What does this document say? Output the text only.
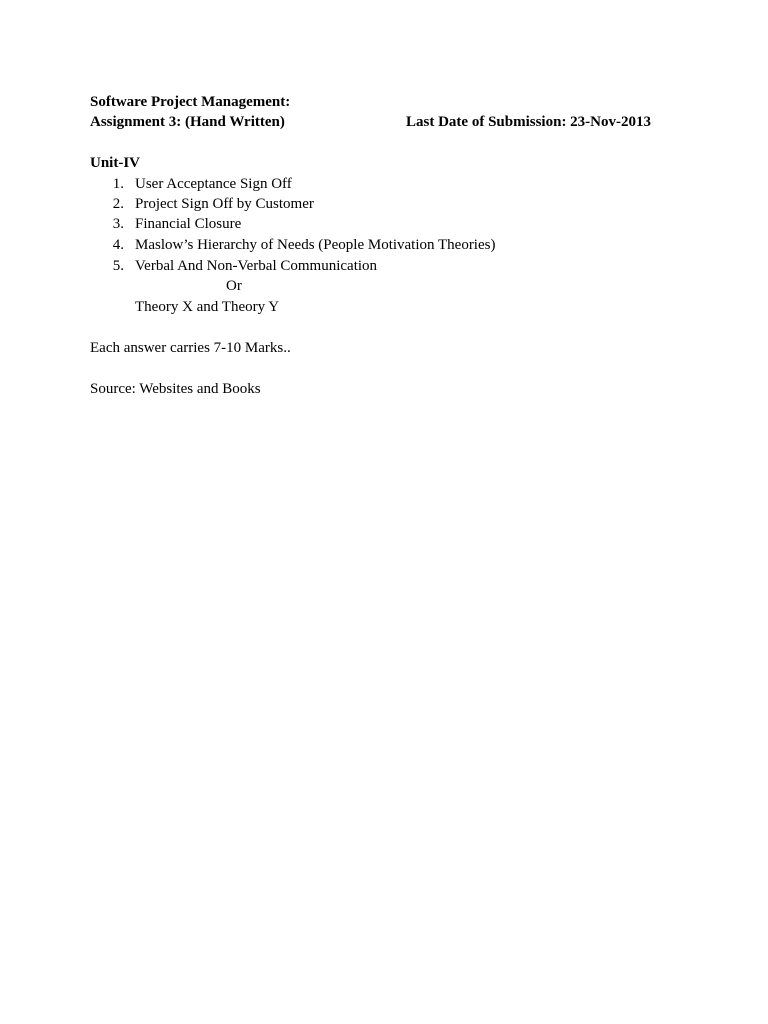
Software Project Management:
Assignment 3: (Hand Written)	Last Date of Submission: 23-Nov-2013
Unit-IV
1. User Acceptance Sign Off
2. Project Sign Off by Customer
3. Financial Closure
4. Maslow’s Hierarchy of Needs (People Motivation Theories)
5. Verbal And Non-Verbal Communication
Or
Theory X and Theory Y
Each answer carries 7-10 Marks..
Source: Websites and Books
